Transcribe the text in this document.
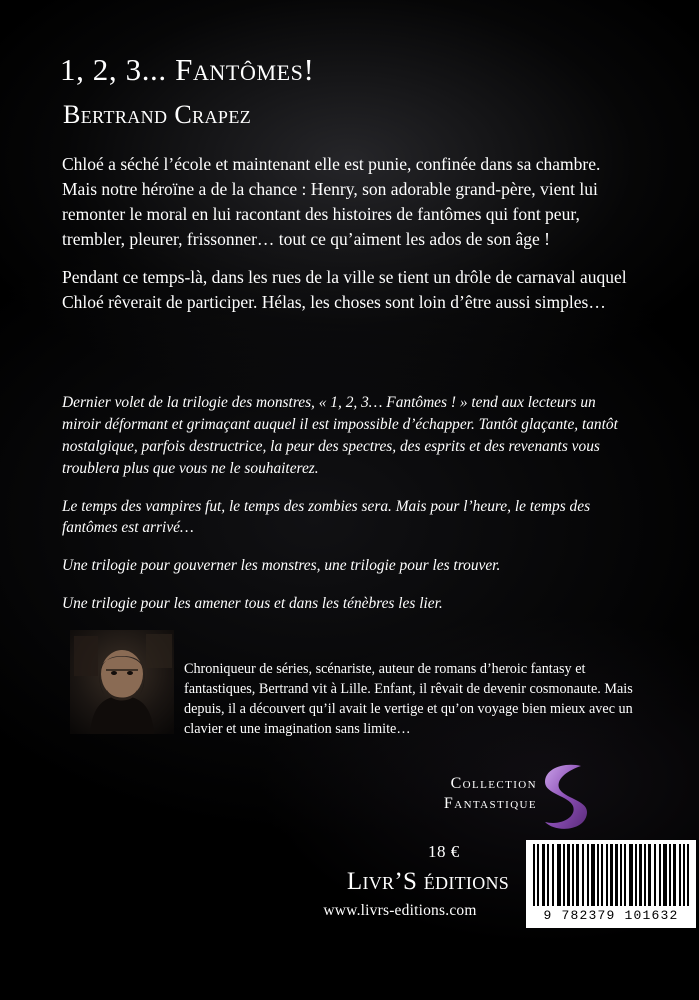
1, 2, 3... Fantômes!
Bertrand Crapez

Chloé a séché l’école et maintenant elle est punie, confinée dans sa chambre. Mais notre héroïne a de la chance : Henry, son adorable grand-père, vient lui remonter le moral en lui racontant des histoires de fantômes qui font peur, trembler, pleurer, frissonner… tout ce qu’aiment les ados de son âge !

Pendant ce temps-là, dans les rues de la ville se tient un drôle de carnaval auquel Chloé rêverait de participer. Hélas, les choses sont loin d’être aussi simples…

Dernier volet de la trilogie des monstres, « 1, 2, 3… Fantômes ! » tend aux lecteurs un miroir déformant et grimaçant auquel il est impossible d’échapper. Tantôt glaçante, tantôt nostalgique, parfois destructrice, la peur des spectres, des esprits et des revenants vous troublera plus que vous ne le souhaiterez.

Le temps des vampires fut, le temps des zombies sera. Mais pour l’heure, le temps des fantômes est arrivé…

Une trilogie pour gouverner les monstres, une trilogie pour les trouver.

Une trilogie pour les amener tous et dans les ténèbres les lier.

Chroniqueur de séries, scénariste, auteur de romans d’heroic fantasy et fantastiques, Bertrand vit à Lille. Enfant, il rêvait de devenir cosmonaute. Mais depuis, il a découvert qu’il avait le vertige et qu’on voyage bien mieux avec un clavier et une imagination sans limite…

Collection
Fantastique
18 €
Livr’S éditions
www.livrs-editions.com	9 782379 101632
